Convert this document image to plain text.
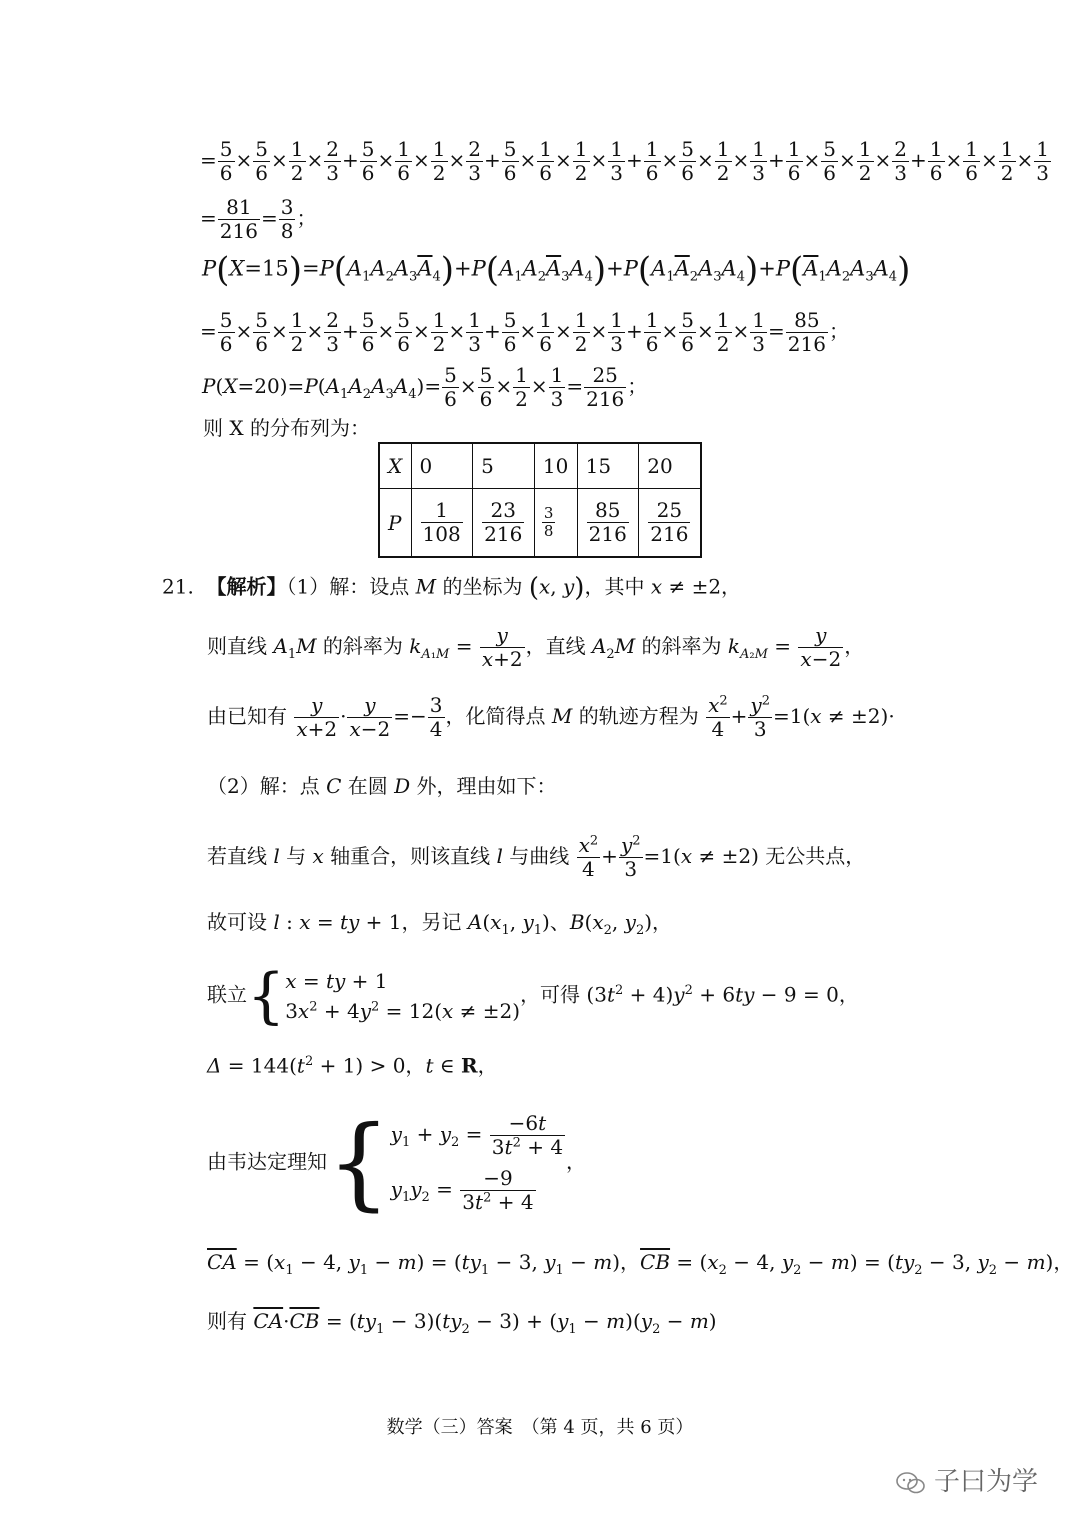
= $\frac{5}{6} \times \frac{5}{6} \times \frac{1}{2} \times \frac{2}{3} + \frac{5}{6} \times \frac{1}{6} \times \frac{1}{2} \times \frac{2}{3} + \frac{5}{6} \times \frac{1}{6} \times \frac{1}{2} \times \frac{1}{3} + \frac{1}{6} \times \frac{5}{6} \times \frac{1}{2} \times \frac{1}{3} + \frac{1}{6} \times \frac{5}{6} \times \frac{1}{2} \times \frac{2}{3} + \frac{1}{6} \times \frac{1}{6} \times \frac{1}{2} \times \frac{1}{3}$
= $\frac{81}{216} = \frac{3}{8}$ ；
$P(X=15)=P(A_1A_2A_3\overline{A}_4)+P(A_1A_2\overline{A}_3A_4)+P(A_1\overline{A}_2A_3A_4)+P(\overline{A}_1A_2A_3A_4)$
= $\frac{5}{6} \times \frac{5}{6} \times \frac{1}{2} \times \frac{2}{3} + \frac{5}{6} \times \frac{5}{6} \times \frac{1}{2} \times \frac{1}{3} + \frac{5}{6} \times \frac{1}{6} \times \frac{1}{2} \times \frac{1}{3} + \frac{1}{6} \times \frac{5}{6} \times \frac{1}{2} \times \frac{1}{3} = \frac{85}{216}$ ；
$P(X=20)=P(A_1A_2A_3A_4)= \frac{5}{6} \times \frac{5}{6} \times \frac{1}{2} \times \frac{1}{3} = \frac{25}{216}$ ；
则 X 的分布列为：
X	0	5	10	15	20
P	$\frac{1}{108}$	$\frac{23}{216}$	$\frac{3}{8}$	$\frac{85}{216}$	$\frac{25}{216}$
21. 【解析】（1）解：设点 M 的坐标为 (x, y)，其中 x ≠ ±2，
则直线 $A_1M$ 的斜率为 $k_{A_1M} = \frac{y}{x+2}$ ，直线 $A_2M$ 的斜率为 $k_{A_2M} = \frac{y}{x-2}$ ，
由已知有 $\frac{y}{x+2} \cdot \frac{y}{x-2} =- \frac{3}{4}$ ，化简得点 M 的轨迹方程为 $\frac{x^2}{4} + \frac{y^2}{3} =1(x \ne \pm 2)\cdot$
（2）解：点 C 在圆 D 外，理由如下：
若直线 l 与 x 轴重合，则该直线 l 与曲线 $\frac{x^2}{4} + \frac{y^2}{3} =1(x \ne \pm 2)$ 无公共点，
故可设 l : x = ty + 1，另记 $A(x_1$, $y_1$)、$B(x_2$, $y_2$)，
联立{ x = ty + 1
$3x^2 + 4y^2 = 12(x \ne \pm 2)$
，可得 $(3t^2 + 4)y^2 + 6ty - 9 = 0$，
$\Delta = 144(t^2 + 1) > 0$，t ∈ R，
由韦达定理知{ $y_1 + y_2 = \frac{-6t}{3t^2 + 4}$
$y_1y_2 = \frac{-9}{3t^2 + 4}$
，
$\overline{CA} = (x_1 - 4$, $y_1 - m) = (ty_1 - 3$, $y_1 - m$)，$\overline{CB} = (x_2 - 4$, $y_2 - m) = (ty_2 - 3$, $y_2 - m$)，
则有 $\overline{CA}\cdot\overline{CB} = (ty_1 - 3)(ty_2 - 3) + (y_1 - m)(y_2 - m)$
数学（三）答案　（第 4 页，共 6 页）
子曰为学
